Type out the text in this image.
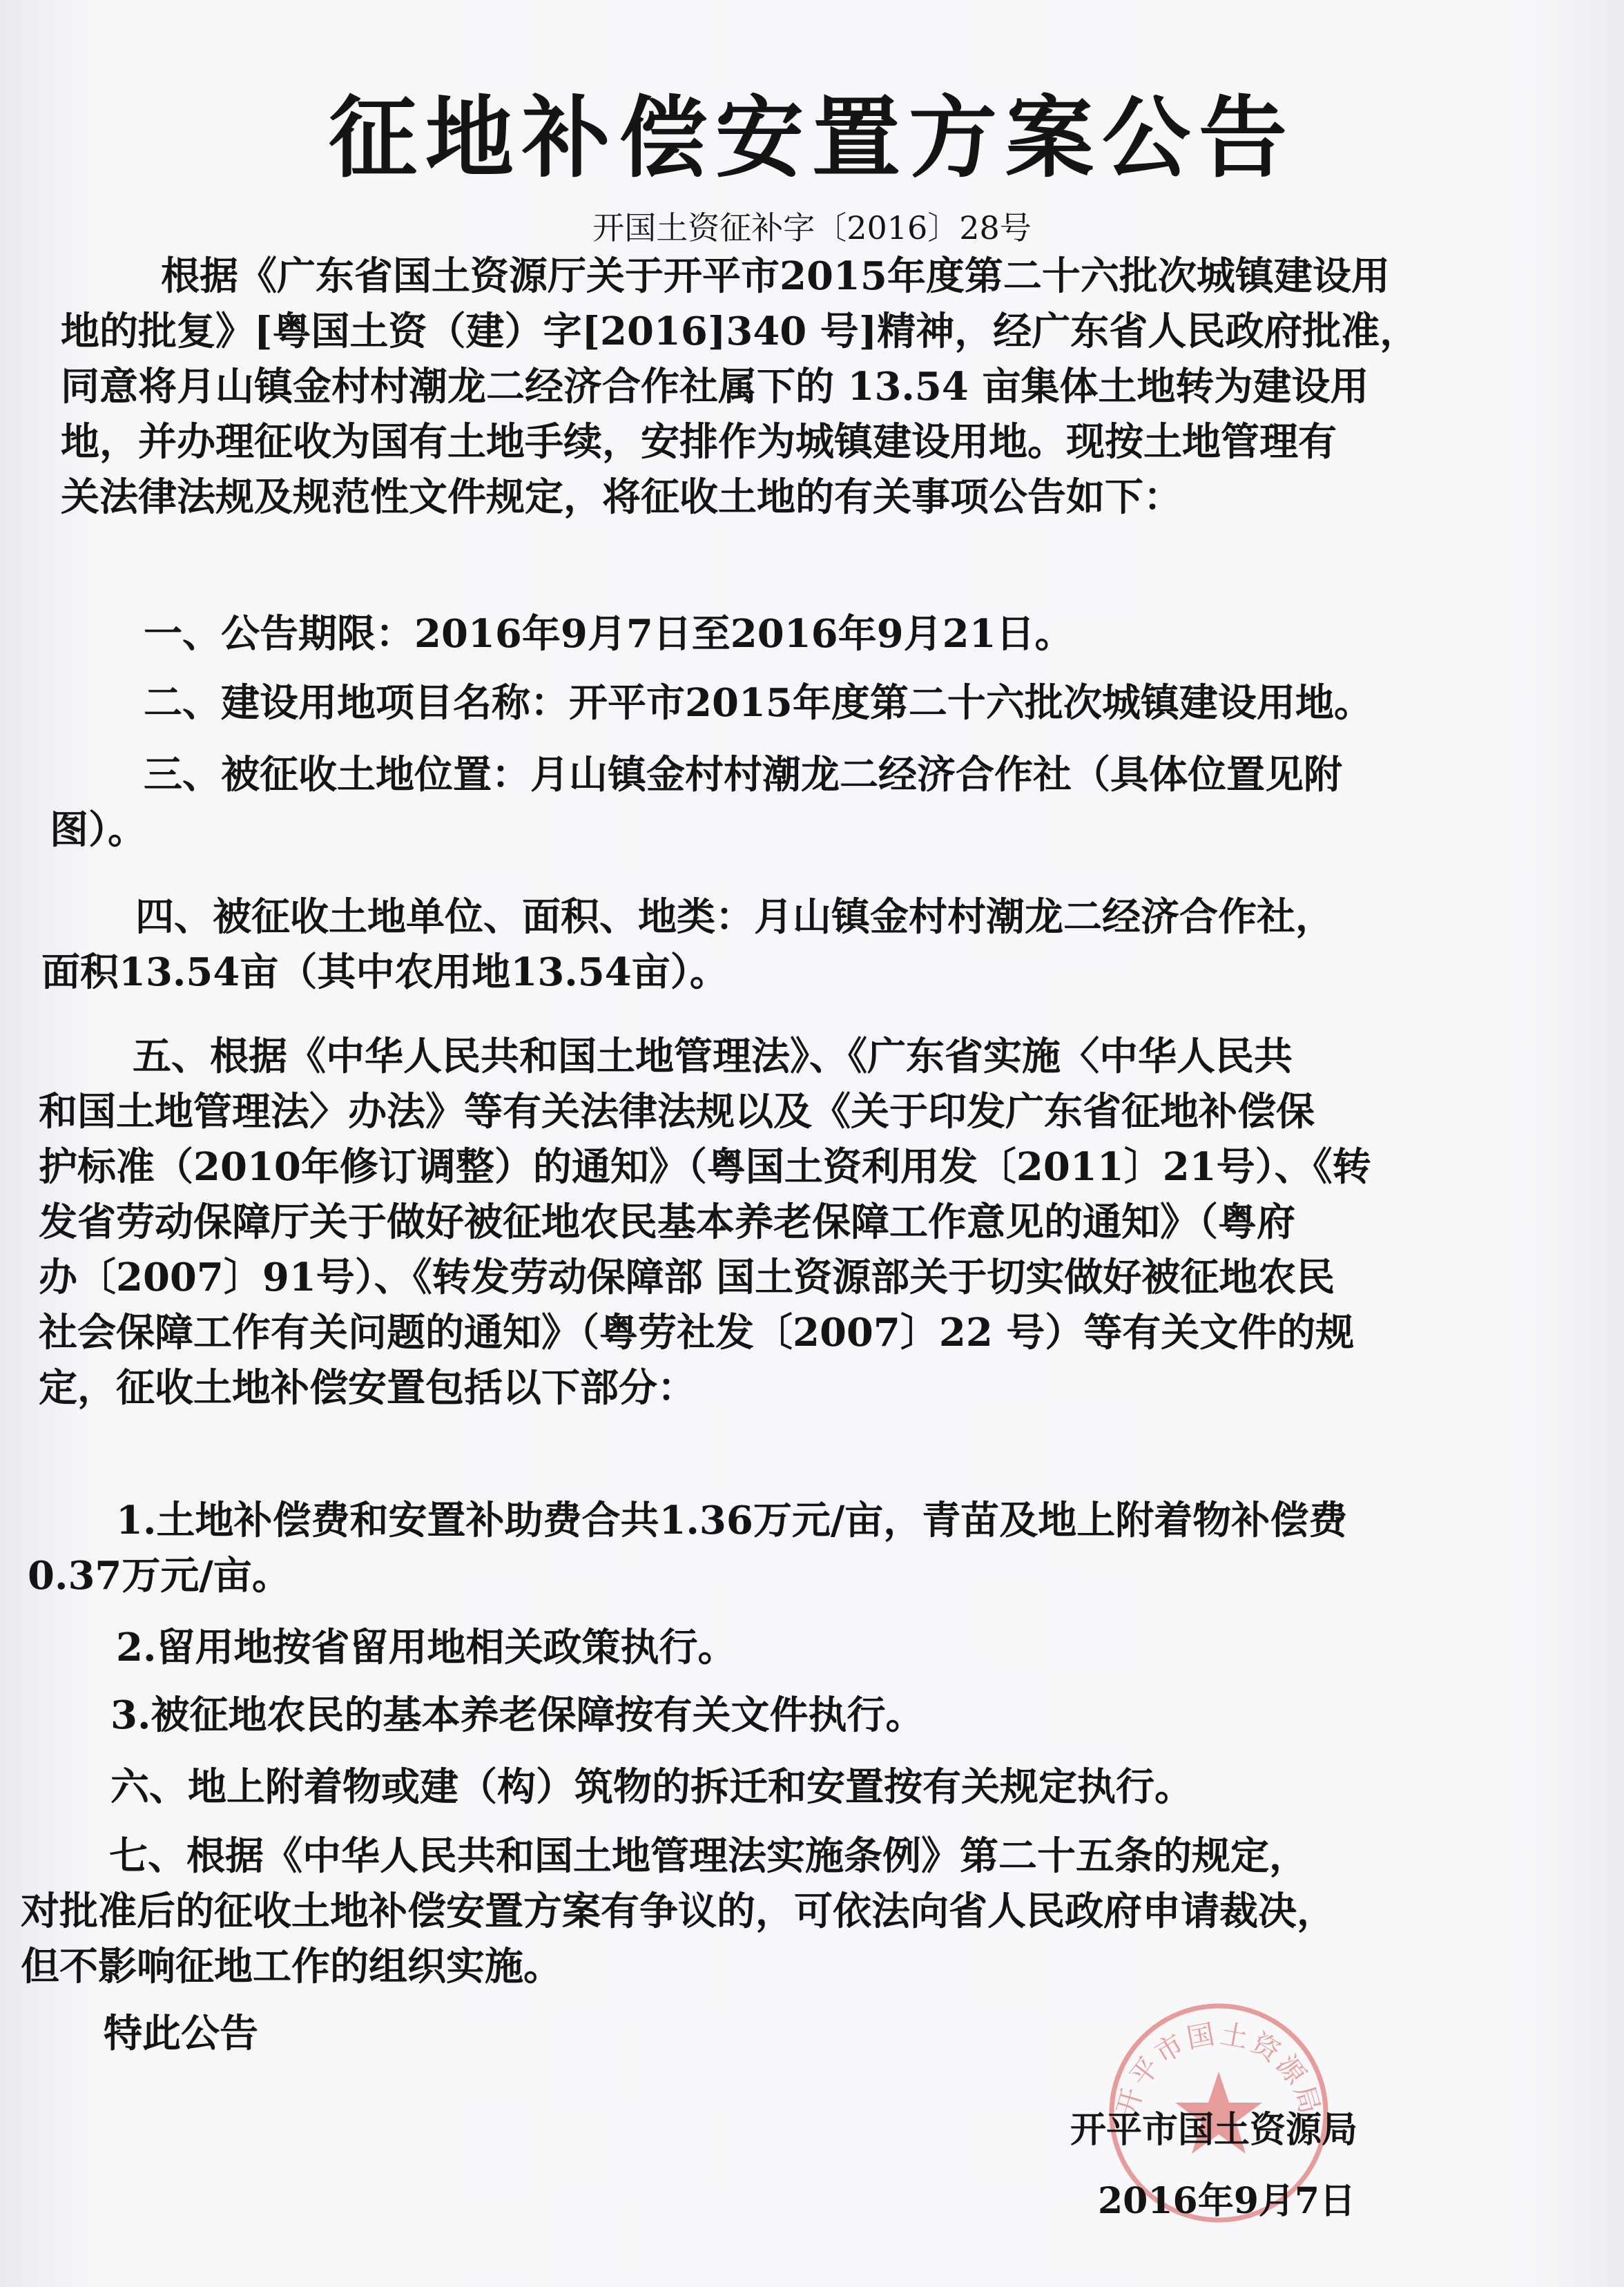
征地补偿安置方案公告
开国土资征补字〔2016〕28号
根据《广东省国土资源厅关于开平市2015年度第二十六批次城镇建设用
地的批复》[粤国土资（建）字[2016]340 号]精神，经广东省人民政府批准，
同意将月山镇金村村潮龙二经济合作社属下的 13.54 亩集体土地转为建设用
地，并办理征收为国有土地手续，安排作为城镇建设用地。现按土地管理有
关法律法规及规范性文件规定，将征收土地的有关事项公告如下：
一、公告期限：2016年9月7日至2016年9月21日。
二、建设用地项目名称：开平市2015年度第二十六批次城镇建设用地。
三、被征收土地位置：月山镇金村村潮龙二经济合作社（具体位置见附
图）。
四、被征收土地单位、面积、地类：月山镇金村村潮龙二经济合作社，
面积13.54亩（其中农用地13.54亩）。
五、根据《中华人民共和国土地管理法》、《广东省实施〈中华人民共
和国土地管理法〉办法》等有关法律法规以及《关于印发广东省征地补偿保
护标准（2010年修订调整）的通知》（粤国土资利用发〔2011〕21号）、《转
发省劳动保障厅关于做好被征地农民基本养老保障工作意见的通知》（粤府
办〔2007〕91号）、《转发劳动保障部 国土资源部关于切实做好被征地农民
社会保障工作有关问题的通知》（粤劳社发〔2007〕22 号）等有关文件的规
定，征收土地补偿安置包括以下部分：
1.土地补偿费和安置补助费合共1.36万元/亩，青苗及地上附着物补偿费
0.37万元/亩。
2.留用地按省留用地相关政策执行。
3.被征地农民的基本养老保障按有关文件执行。
六、地上附着物或建（构）筑物的拆迁和安置按有关规定执行。
七、根据《中华人民共和国土地管理法实施条例》第二十五条的规定，
对批准后的征收土地补偿安置方案有争议的，可依法向省人民政府申请裁决，
但不影响征地工作的组织实施。
特此公告
开平市国土资源局
开平市国土资源局
2016年9月7日
